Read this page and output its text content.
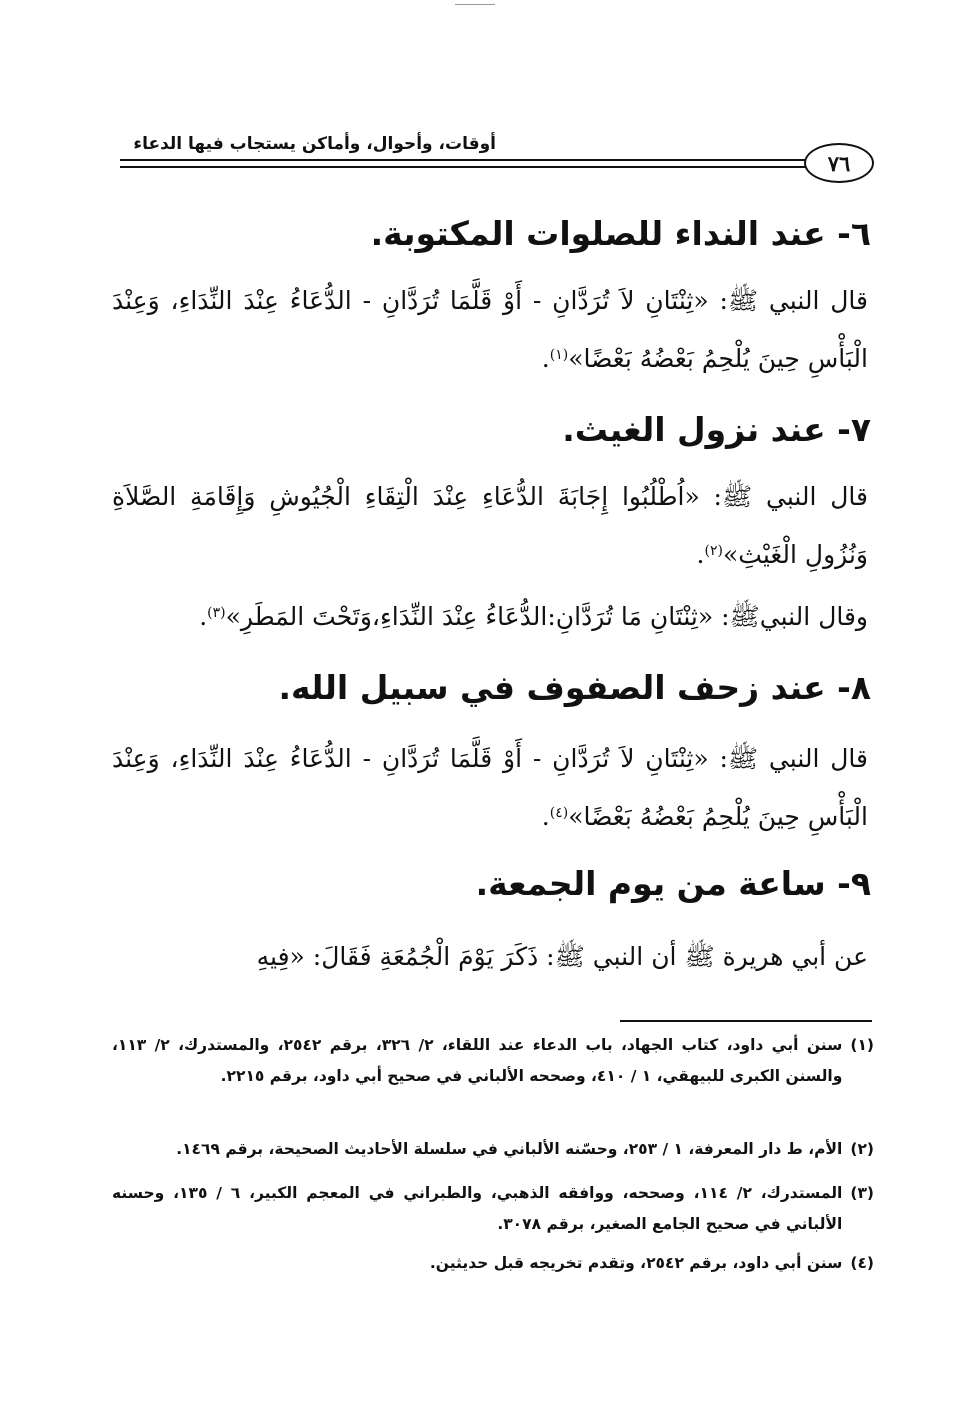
أوقات، وأحوال، وأماكن يستجاب فيها الدعاء
٧٦
٦- عند النداء للصلوات المكتوبة.
قال النبي ﷺ: «ثِنْتَانِ لاَ تُرَدَّانِ - أَوْ قَلَّمَا تُرَدَّانِ - الدُّعَاءُ عِنْدَ النِّدَاءِ، وَعِنْدَ الْبَأْسِ حِينَ يُلْحِمُ بَعْضُهُ بَعْضًا»$^{(١)}$.
٧- عند نزول الغيث.
قال النبي ﷺ: «اُطْلُبُوا إِجَابَةَ الدُّعَاءِ عِنْدَ الْتِقَاءِ الْجُيُوشِ وَإِقَامَةِ الصَّلاَةِ وَنُزُولِ الْغَيْثِ»$^{(٢)}$.
وقال النبيﷺ: «ثِنْتَانِ مَا تُرَدَّانِ:الدُّعَاءُ عِنْدَ النِّدَاءِ،وَتَحْتَ المَطَرِ»$^{(٣)}$.
٨- عند زحف الصفوف في سبيل الله.
قال النبي ﷺ: «ثِنْتَانِ لاَ تُرَدَّانِ - أَوْ قَلَّمَا تُرَدَّانِ - الدُّعَاءُ عِنْدَ النِّدَاءِ، وَعِنْدَ الْبَأْسِ حِينَ يُلْحِمُ بَعْضُهُ بَعْضًا»$^{(٤)}$.
٩- ساعة من يوم الجمعة.
عن أبي هريرة ﷺ أن النبي ﷺ: ذَكَرَ يَوْمَ الْجُمُعَةِ فَقَالَ: «فِيهِ
(١)
سنن أبي داود، كتاب الجهاد، باب الدعاء عند اللقاء، ٢/ ٣٢٦، برقم ٢٥٤٢، والمستدرك، ٢/ ١١٣، والسنن الكبرى للبيهقي، ١ / ٤١٠، وصححه الألباني في صحيح أبي داود، برقم ٢٢١٥.
(٢)
الأم، ط دار المعرفة، ١ / ٢٥٣، وحسّنه الألباني في سلسلة الأحاديث الصحيحة، برقم ١٤٦٩.
(٣)
المستدرك، ٢/ ١١٤، وصححه، ووافقه الذهبي، والطبراني في المعجم الكبير، ٦ / ١٣٥، وحسنه الألباني في صحيح الجامع الصغير، برقم ٣٠٧٨.
(٤)
سنن أبي داود، برقم ٢٥٤٢، وتقدم تخريجه قبل حديثين.
